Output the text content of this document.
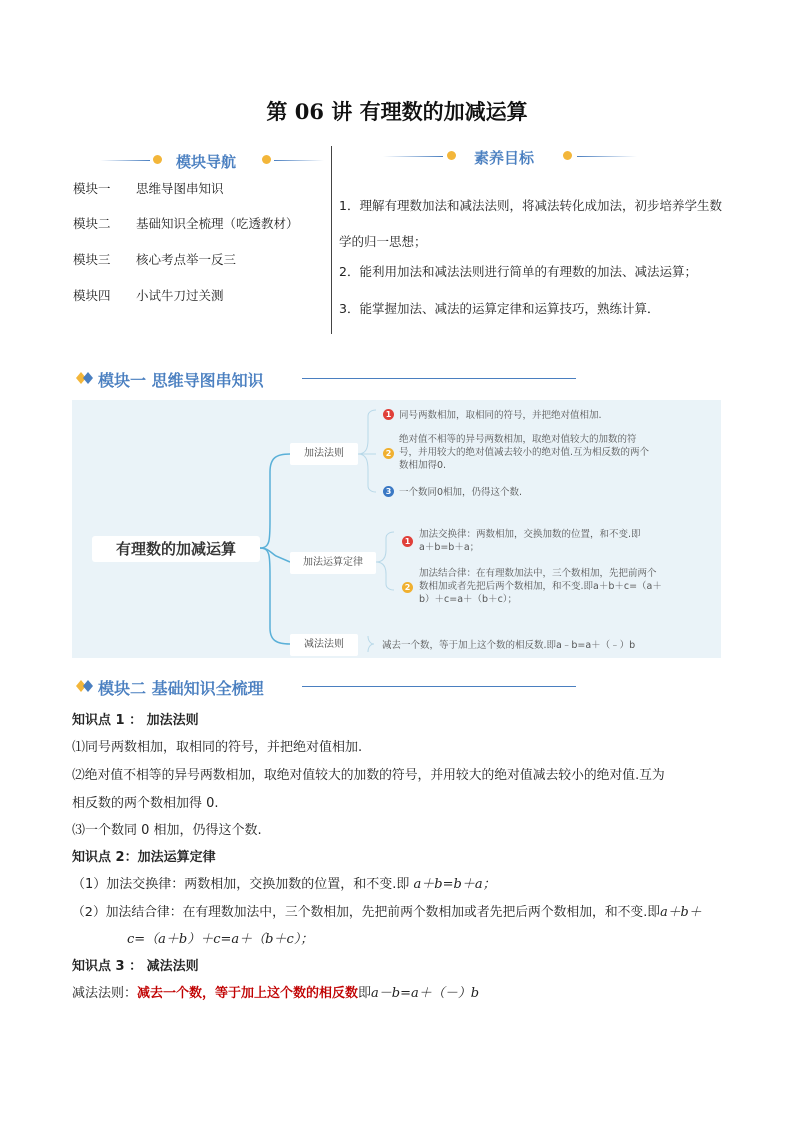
第 06 讲 有理数的加减运算
模块导航
模块一 思维导图串知识
模块二 基础知识全梳理（吃透教材）
模块三 核心考点举一反三
模块四 小试牛刀过关测
素养目标
1．理解有理数加法和减法法则，将减法转化成加法，初步培养学生数学的归一思想；
2．能利用加法和减法法则进行简单的有理数的加法、减法运算；
3．能掌握加法、减法的运算定律和运算技巧，熟练计算．
模块一 思维导图串知识
有理数的加减运算
加法法则
1 同号两数相加，取相同的符号，并把绝对值相加.
2
绝对值不相等的异号两数相加，取绝对值较大的加数的符
号，并用较大的绝对值减去较小的绝对值.互为相反数的两个
数相加得0.
3 一个数同0相加，仍得这个数.
加法运算定律
1
加法交换律：两数相加，交换加数的位置，和不变.即
a＋b=b＋a；
2
加法结合律：在有理数加法中，三个数相加，先把前两个
数相加或者先把后两个数相加，和不变.即a＋b＋c=（a＋
b）＋c=a＋（b＋c）；
减法法则	减去一个数，等于加上这个数的相反数.即a﹣b=a＋（﹣）b
模块二 基础知识全梳理
知识点 1 ： 加法法则
⑴同号两数相加，取相同的符号，并把绝对值相加.
⑵绝对值不相等的异号两数相加，取绝对值较大的加数的符号，并用较大的绝对值减去较小的绝对值.互为
相反数的两个数相加得 0.
⑶一个数同 0 相加，仍得这个数.
知识点 2：加法运算定律
（1）加法交换律：两数相加，交换加数的位置，和不变.即 a＋b=b＋a；
（2）加法结合律：在有理数加法中，三个数相加，先把前两个数相加或者先把后两个数相加，和不变.即a＋b＋
c=（a＋b）＋c=a＋（b＋c）；
知识点 3 ： 减法法则
减法法则：减去一个数，等于加上这个数的相反数即a－b=a＋（－）b
